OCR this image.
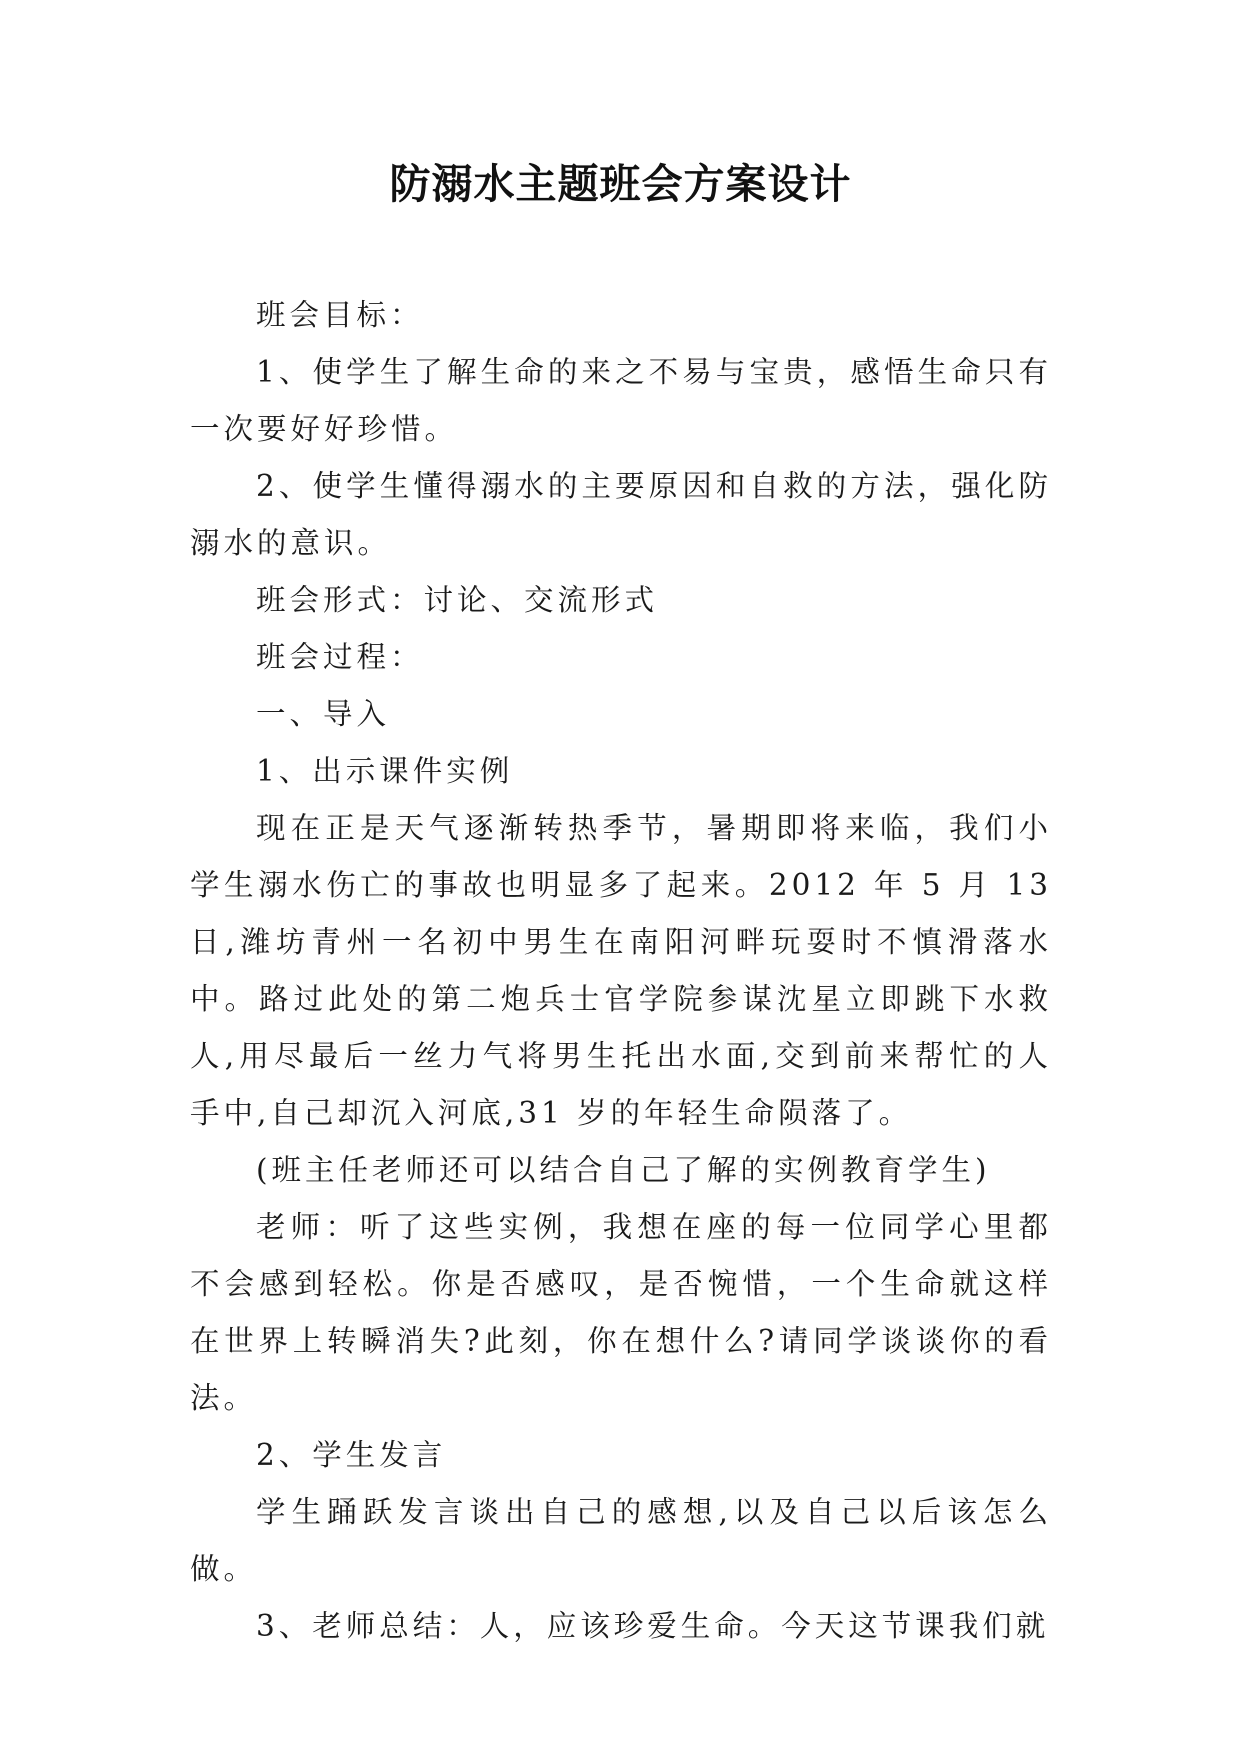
防溺水主题班会方案设计

班会目标：

1、使学生了解生命的来之不易与宝贵，感悟生命只有一次要好好珍惜。

2、使学生懂得溺水的主要原因和自救的方法，强化防溺水的意识。

班会形式：讨论、交流形式

班会过程：

一、导入

1、出示课件实例

现在正是天气逐渐转热季节，暑期即将来临，我们小学生溺水伤亡的事故也明显多了起来。2012 年 5 月 13 日,潍坊青州一名初中男生在南阳河畔玩耍时不慎滑落水中。路过此处的第二炮兵士官学院参谋沈星立即跳下水救人,用尽最后一丝力气将男生托出水面,交到前来帮忙的人手中,自己却沉入河底,31 岁的年轻生命陨落了。

(班主任老师还可以结合自己了解的实例教育学生)

老师：听了这些实例，我想在座的每一位同学心里都不会感到轻松。你是否感叹，是否惋惜，一个生命就这样在世界上转瞬消失?此刻，你在想什么?请同学谈谈你的看法。

2、学生发言

学生踊跃发言谈出自己的感想,以及自己以后该怎么做。

3、老师总结：人，应该珍爱生命。今天这节课我们就
